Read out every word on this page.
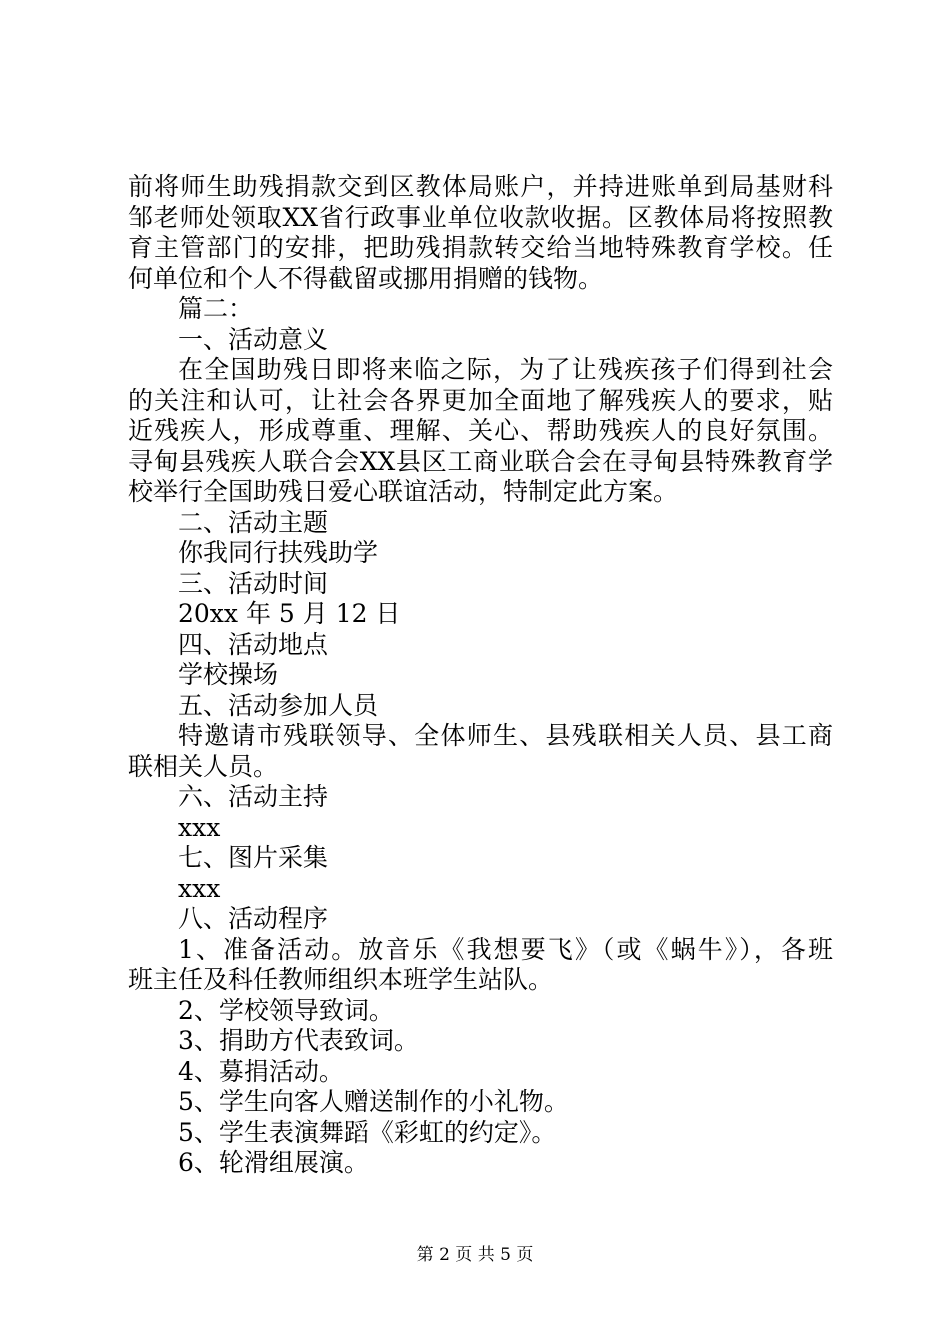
前将师生助残捐款交到区教体局账户，并持进账单到局基财科
邹老师处领取XX省行政事业单位收款收据。区教体局将按照教
育主管部门的安排，把助残捐款转交给当地特殊教育学校。任
何单位和个人不得截留或挪用捐赠的钱物。
篇二：
一、活动意义
在全国助残日即将来临之际，为了让残疾孩子们得到社会
的关注和认可，让社会各界更加全面地了解残疾人的要求，贴
近残疾人，形成尊重、理解、关心、帮助残疾人的良好氛围。
寻甸县残疾人联合会XX县区工商业联合会在寻甸县特殊教育学
校举行全国助残日爱心联谊活动，特制定此方案。
二、活动主题
你我同行扶残助学
三、活动时间
20xx 年 5 月 12 日
四、活动地点
学校操场
五、活动参加人员
特邀请市残联领导、全体师生、县残联相关人员、县工商
联相关人员。
六、活动主持
xxx
七、图片采集
xxx
八、活动程序
1、准备活动。放音乐《我想要飞》（或《蜗牛》），各班
班主任及科任教师组织本班学生站队。
2、学校领导致词。
3、捐助方代表致词。
4、募捐活动。
5、学生向客人赠送制作的小礼物。
5、学生表演舞蹈《彩虹的约定》。
6、轮滑组展演。
第 2 页 共 5 页
